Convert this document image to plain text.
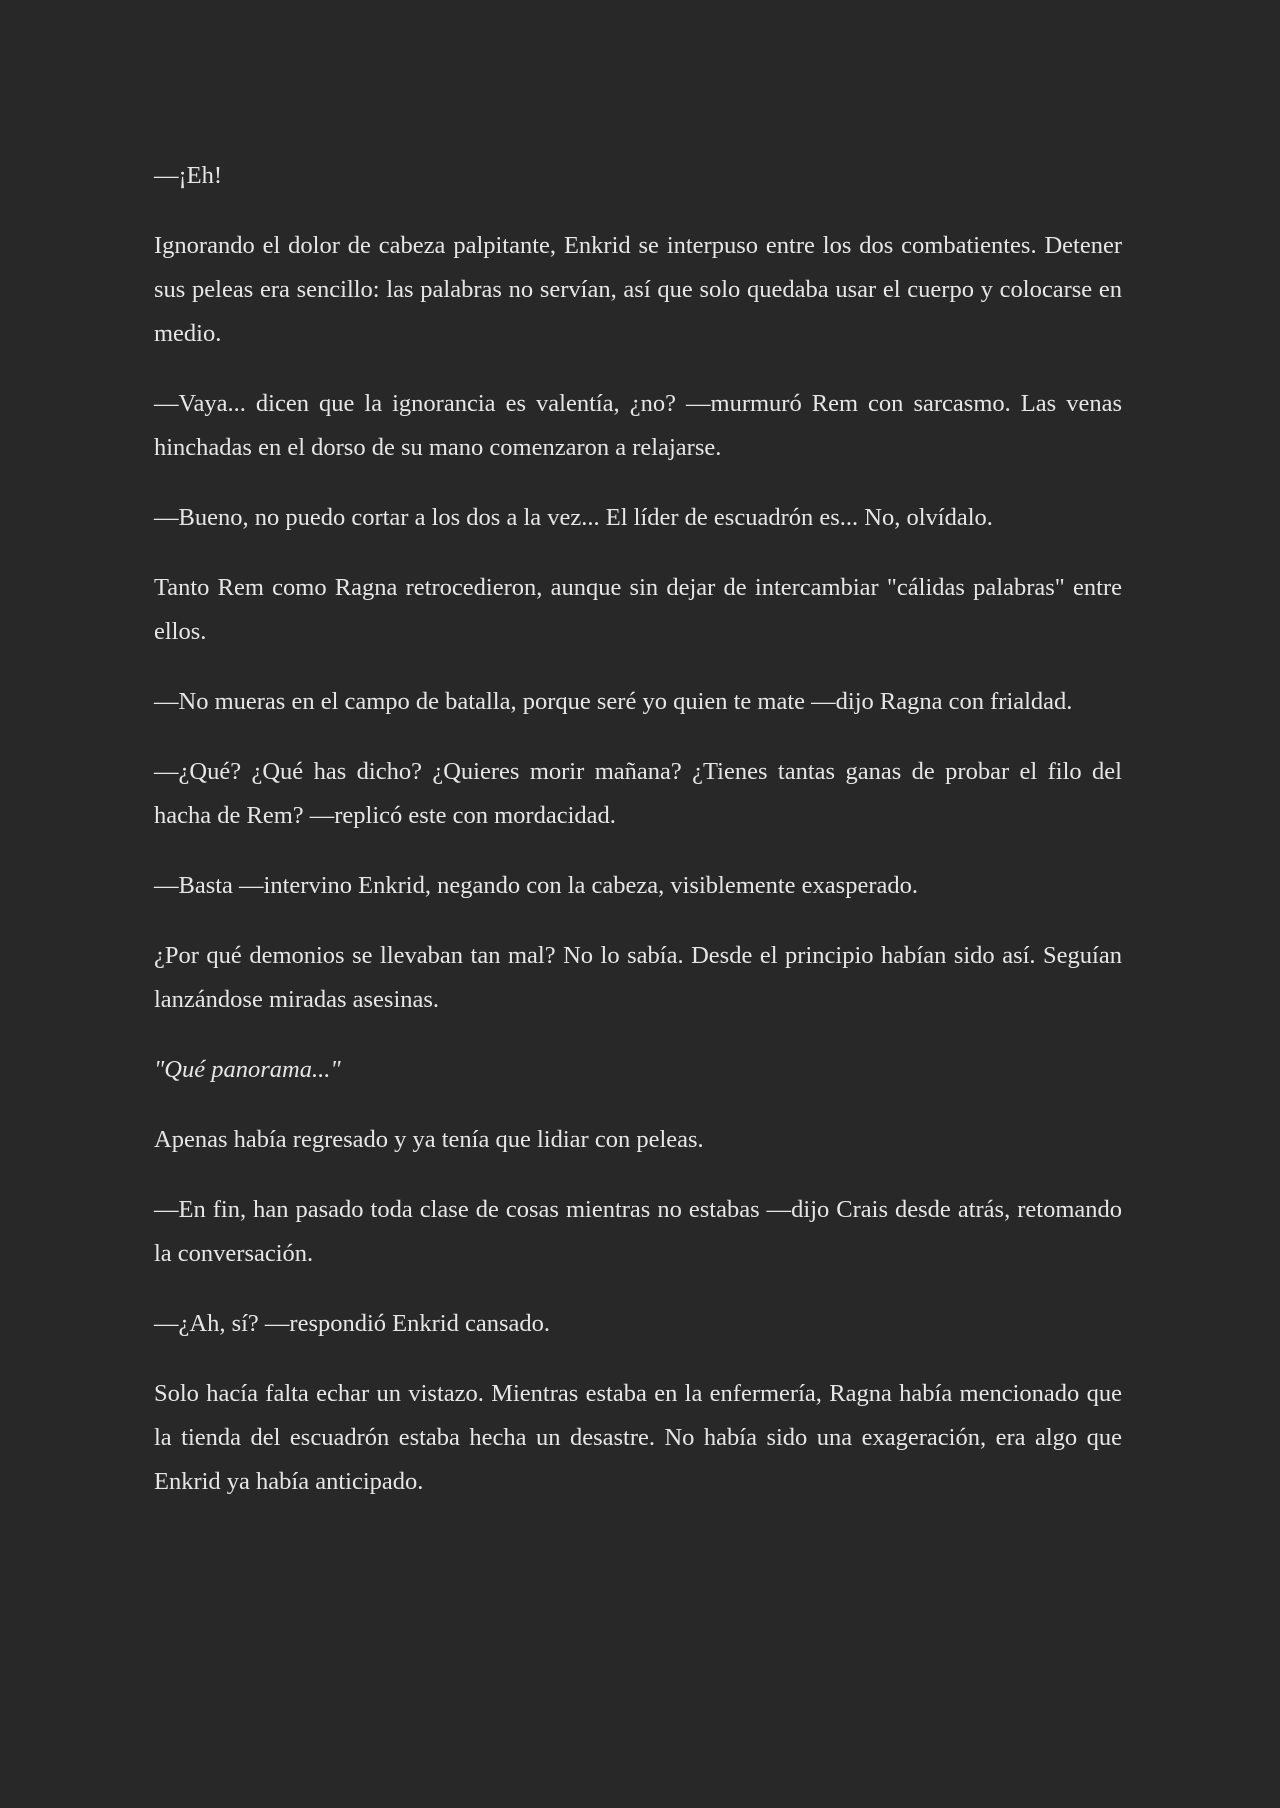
—¡Eh!

Ignorando el dolor de cabeza palpitante, Enkrid se interpuso entre los dos combatientes. Detener sus peleas era sencillo: las palabras no servían, así que solo quedaba usar el cuerpo y colocarse en medio.

—Vaya... dicen que la ignorancia es valentía, ¿no? —murmuró Rem con sarcasmo. Las venas hinchadas en el dorso de su mano comenzaron a relajarse.

—Bueno, no puedo cortar a los dos a la vez... El líder de escuadrón es... No, olvídalo.

Tanto Rem como Ragna retrocedieron, aunque sin dejar de intercambiar "cálidas palabras" entre ellos.

—No mueras en el campo de batalla, porque seré yo quien te mate —dijo Ragna con frialdad.

—¿Qué? ¿Qué has dicho? ¿Quieres morir mañana? ¿Tienes tantas ganas de probar el filo del hacha de Rem? —replicó este con mordacidad.

—Basta —intervino Enkrid, negando con la cabeza, visiblemente exasperado.

¿Por qué demonios se llevaban tan mal? No lo sabía. Desde el principio habían sido así. Seguían lanzándose miradas asesinas.

"Qué panorama..."

Apenas había regresado y ya tenía que lidiar con peleas.

—En fin, han pasado toda clase de cosas mientras no estabas —dijo Crais desde atrás, retomando la conversación.

—¿Ah, sí? —respondió Enkrid cansado.

Solo hacía falta echar un vistazo. Mientras estaba en la enfermería, Ragna había mencionado que la tienda del escuadrón estaba hecha un desastre. No había sido una exageración, era algo que Enkrid ya había anticipado.
